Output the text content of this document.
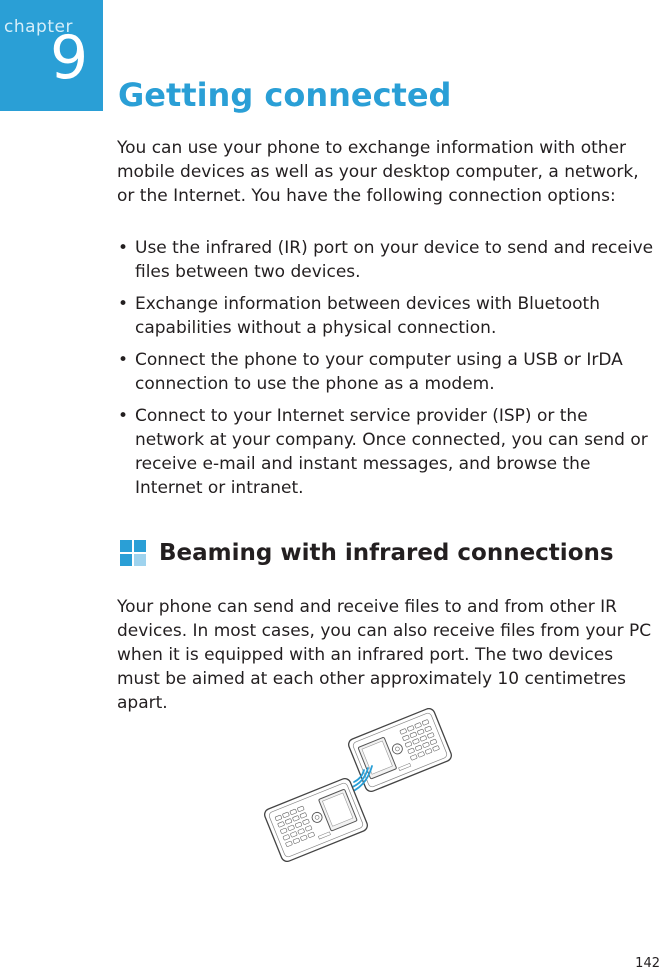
chapter
9
Getting connected

You can use your phone to exchange information with other mobile devices as well as your desktop computer, a network, or the Internet. You have the following connection options:

• Use the infrared (IR) port on your device to send and receive files between two devices.
• Exchange information between devices with Bluetooth capabilities without a physical connection.
• Connect the phone to your computer using a USB or IrDA connection to use the phone as a modem.
• Connect to your Internet service provider (ISP) or the network at your company. Once connected, you can send or receive e-mail and instant messages, and browse the Internet or intranet.
Beaming with infrared connections

Your phone can send and receive files to and from other IR devices. In most cases, you can also receive files from your PC when it is equipped with an infrared port. The two devices must be aimed at each other approximately 10 centimetres apart.

142
